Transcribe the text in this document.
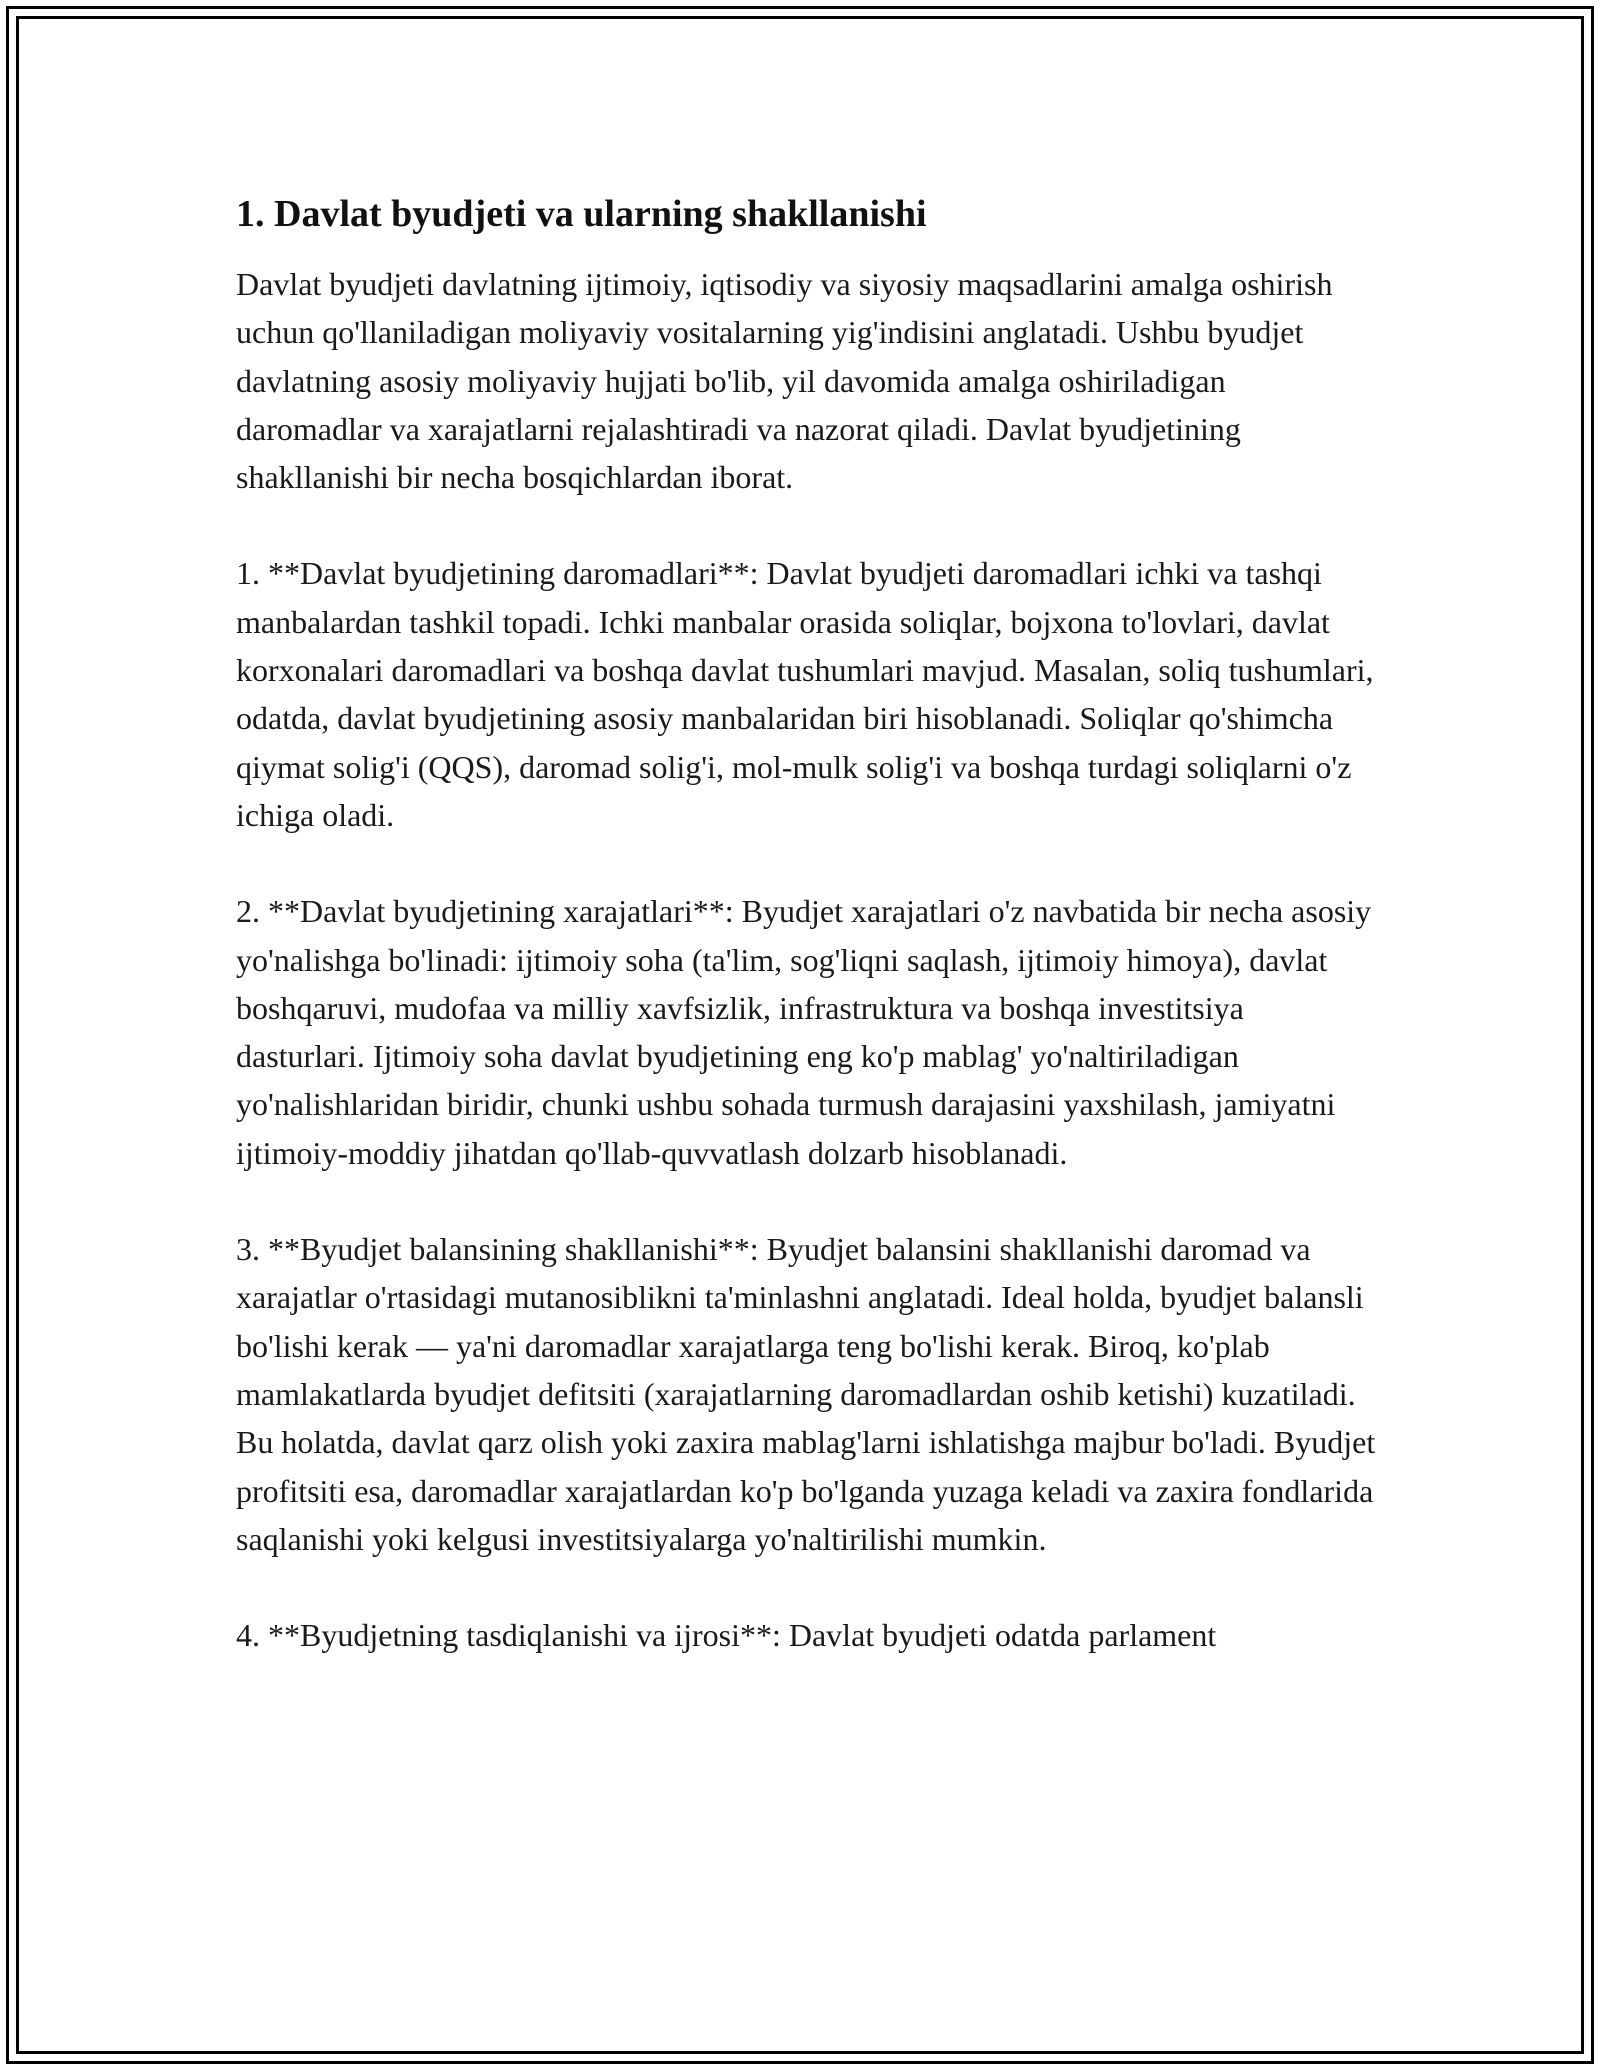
1. Davlat byudjeti va ularning shakllanishi

Davlat byudjeti davlatning ijtimoiy, iqtisodiy va siyosiy maqsadlarini amalga oshirish uchun qo'llaniladigan moliyaviy vositalarning yig'indisini anglatadi. Ushbu byudjet davlatning asosiy moliyaviy hujjati bo'lib, yil davomida amalga oshiriladigan daromadlar va xarajatlarni rejalashtiradi va nazorat qiladi. Davlat byudjetining shakllanishi bir necha bosqichlardan iborat.

1. **Davlat byudjetining daromadlari**: Davlat byudjeti daromadlari ichki va tashqi manbalardan tashkil topadi. Ichki manbalar orasida soliqlar, bojxona to'lovlari, davlat korxonalari daromadlari va boshqa davlat tushumlari mavjud. Masalan, soliq tushumlari, odatda, davlat byudjetining asosiy manbalaridan biri hisoblanadi. Soliqlar qo'shimcha qiymat solig'i (QQS), daromad solig'i, mol-mulk solig'i va boshqa turdagi soliqlarni o'z ichiga oladi.

2. **Davlat byudjetining xarajatlari**: Byudjet xarajatlari o'z navbatida bir necha asosiy yo'nalishga bo'linadi: ijtimoiy soha (ta'lim, sog'liqni saqlash, ijtimoiy himoya), davlat boshqaruvi, mudofaa va milliy xavfsizlik, infrastruktura va boshqa investitsiya dasturlari. Ijtimoiy soha davlat byudjetining eng ko'p mablag' yo'naltiriladigan yo'nalishlaridan biridir, chunki ushbu sohada turmush darajasini yaxshilash, jamiyatni ijtimoiy-moddiy jihatdan qo'llab-quvvatlash dolzarb hisoblanadi.

3. **Byudjet balansining shakllanishi**: Byudjet balansini shakllanishi daromad va xarajatlar o'rtasidagi mutanosiblikni ta'minlashni anglatadi. Ideal holda, byudjet balansli bo'lishi kerak — ya'ni daromadlar xarajatlarga teng bo'lishi kerak. Biroq, ko'plab mamlakatlarda byudjet defitsiti (xarajatlarning daromadlardan oshib ketishi) kuzatiladi. Bu holatda, davlat qarz olish yoki zaxira mablag'larni ishlatishga majbur bo'ladi. Byudjet profitsiti esa, daromadlar xarajatlardan ko'p bo'lganda yuzaga keladi va zaxira fondlarida saqlanishi yoki kelgusi investitsiyalarga yo'naltirilishi mumkin.

4. **Byudjetning tasdiqlanishi va ijrosi**: Davlat byudjeti odatda parlament
